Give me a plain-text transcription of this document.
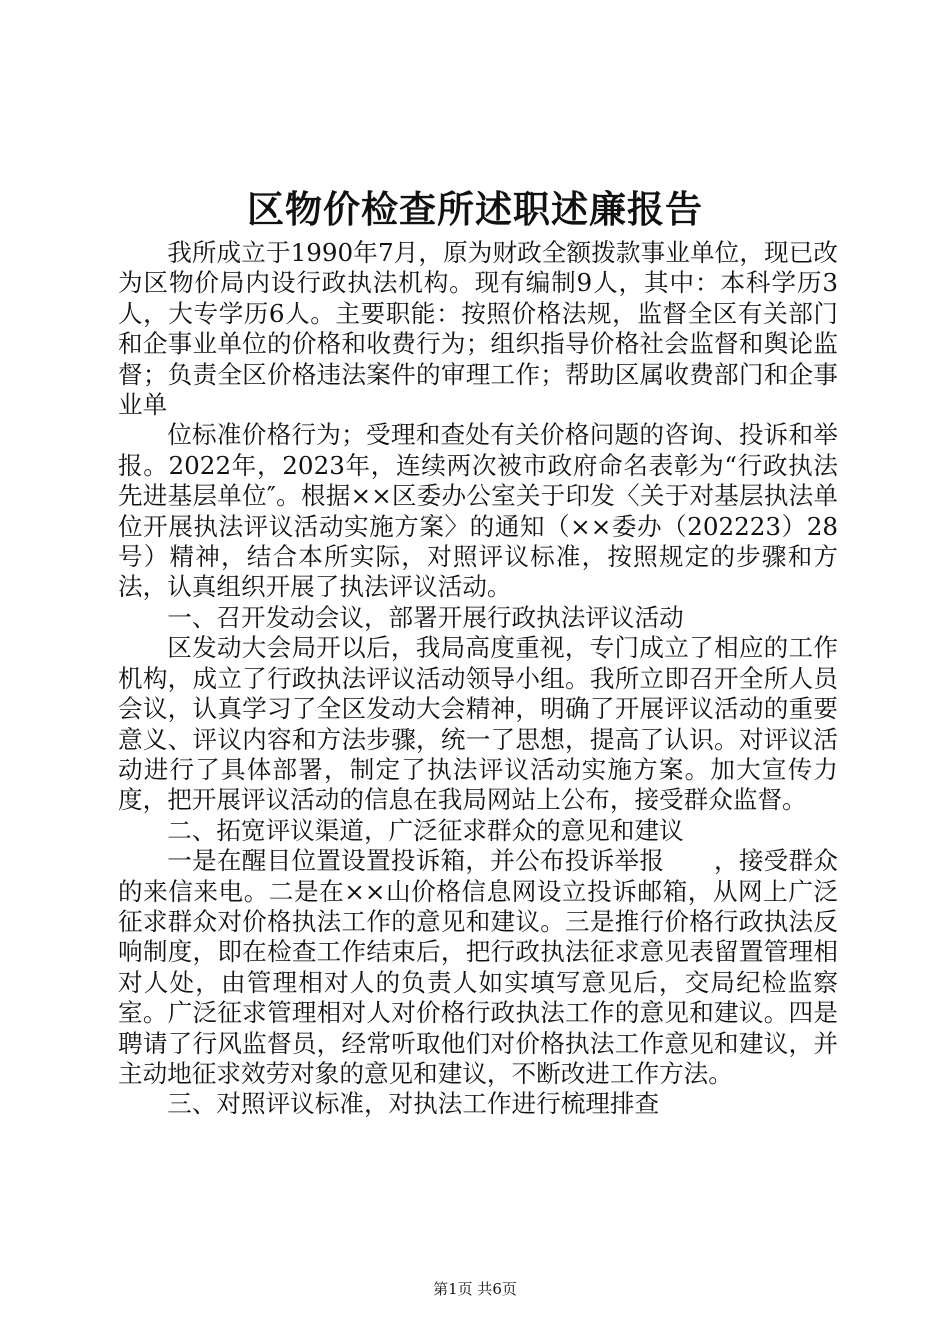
区物价检查所述职述廉报告

我所成立于1990年7月，原为财政全额拨款事业单位，现已改为区物价局内设行政执法机构。现有编制9人，其中：本科学历3人，大专学历6人。主要职能：按照价格法规，监督全区有关部门和企事业单位的价格和收费行为；组织指导价格社会监督和舆论监督；负责全区价格违法案件的审理工作；帮助区属收费部门和企事业单

位标准价格行为；受理和查处有关价格问题的咨询、投诉和举报。2022年，2023年，连续两次被市政府命名表彰为“行政执法先进基层单位″。根据××区委办公室关于印发〈关于对基层执法单位开展执法评议活动实施方案〉的通知（××委办（202223）28号）精神，结合本所实际，对照评议标准，按照规定的步骤和方法，认真组织开展了执法评议活动。

一、召开发动会议，部署开展行政执法评议活动

区发动大会局开以后，我局高度重视，专门成立了相应的工作机构，成立了行政执法评议活动领导小组。我所立即召开全所人员会议，认真学习了全区发动大会精神，明确了开展评议活动的重要意义、评议内容和方法步骤，统一了思想，提高了认识。对评议活动进行了具体部署，制定了执法评议活动实施方案。加大宣传力度，把开展评议活动的信息在我局网站上公布，接受群众监督。

二、拓宽评议渠道，广泛征求群众的意见和建议

一是在醒目位置设置投诉箱，并公布投诉举报　　，接受群众的来信来电。二是在××山价格信息网设立投诉邮箱，从网上广泛征求群众对价格执法工作的意见和建议。三是推行价格行政执法反响制度，即在检查工作结束后，把行政执法征求意见表留置管理相对人处，由管理相对人的负责人如实填写意见后，交局纪检监察室。广泛征求管理相对人对价格行政执法工作的意见和建议。四是聘请了行风监督员，经常听取他们对价格执法工作意见和建议，并主动地征求效劳对象的意见和建议，不断改进工作方法。

三、对照评议标准，对执法工作进行梳理排查

第1页 共6页
